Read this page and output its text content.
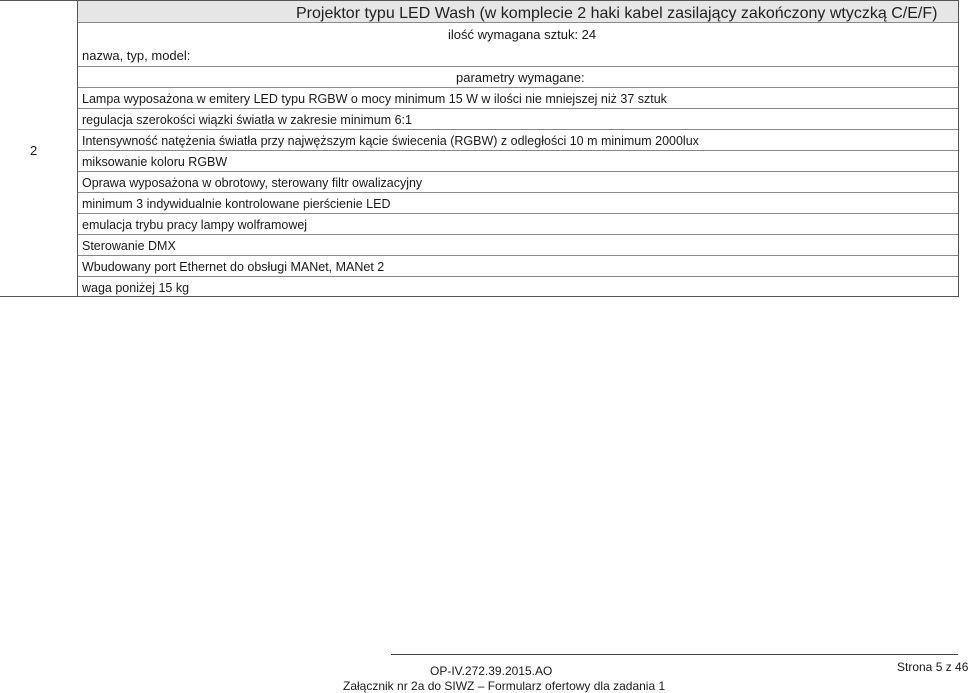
2
Projektor typu LED Wash (w komplecie 2 haki kabel zasilający zakończony wtyczką C/E/F)
ilość wymagana sztuk: 24
nazwa, typ, model:
parametry wymagane:
Lampa wyposażona w emitery LED typu RGBW o mocy minimum 15 W w ilości nie mniejszej niż 37 sztuk
regulacja szerokości wiązki światła w zakresie minimum 6:1
Intensywność natężenia światła przy najwęższym kącie świecenia (RGBW) z odległości 10 m minimum 2000lux
miksowanie koloru RGBW
Oprawa wyposażona w obrotowy, sterowany filtr owalizacyjny
minimum 3 indywidualnie kontrolowane pierścienie LED
emulacja trybu pracy lampy wolframowej
Sterowanie DMX
Wbudowany port Ethernet do obsługi MANet, MANet 2
waga poniżej 15 kg
OP-IV.272.39.2015.AO
Załącznik nr 2a do SIWZ – Formularz ofertowy dla zadania 1
Strona 5 z 46
